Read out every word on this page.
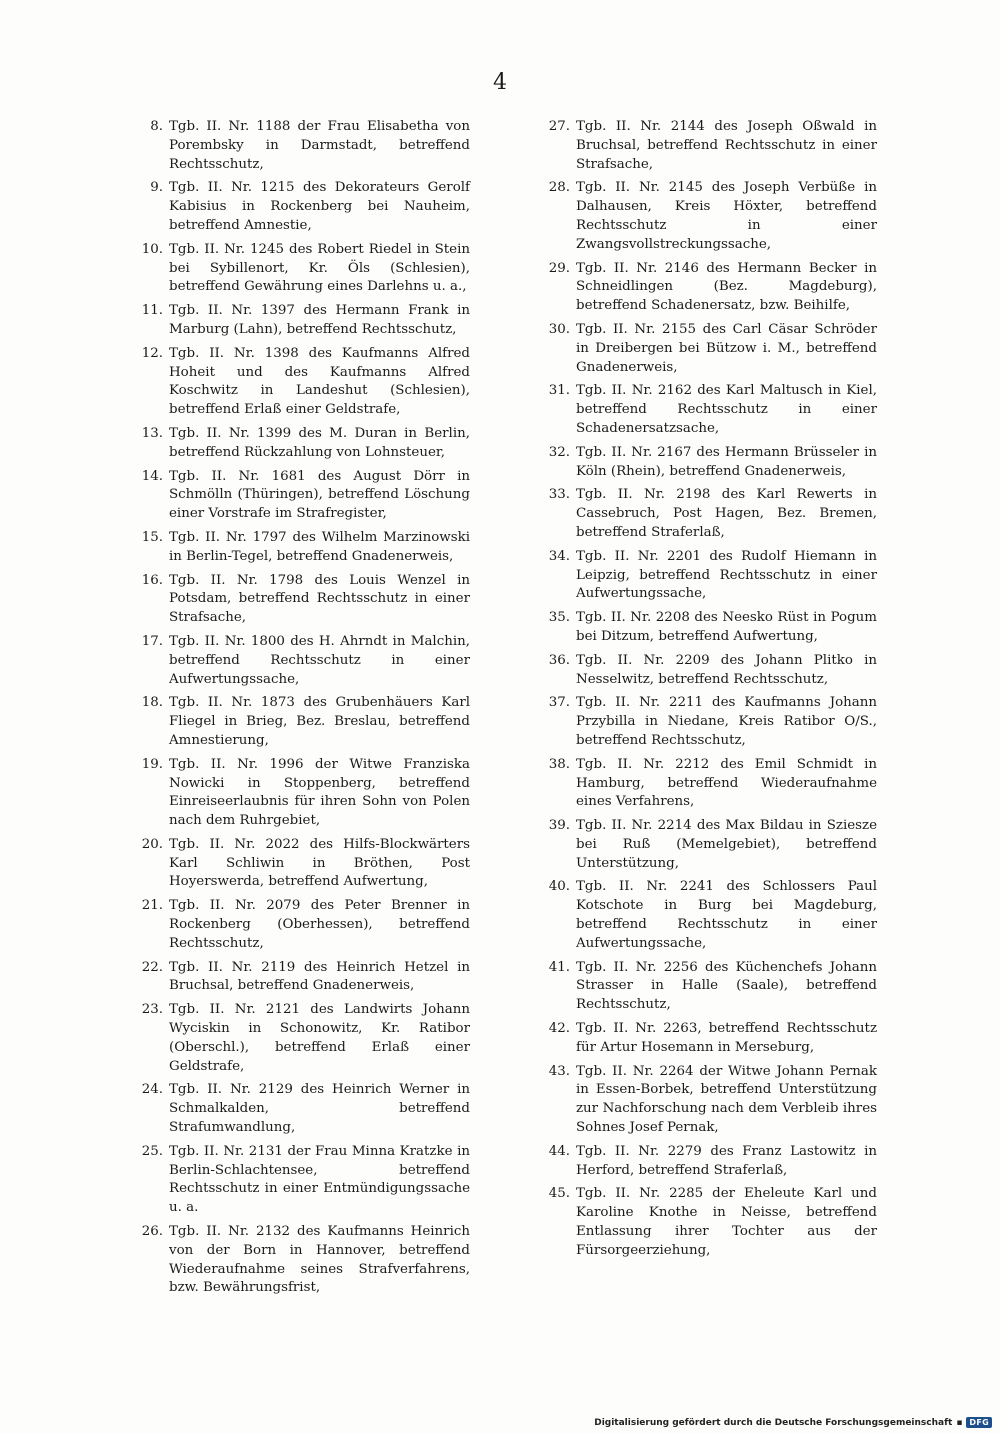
4
8. Tgb. II. Nr. 1188 der Frau Elisabetha von Porembsky in Darmstadt, betreffend Rechtsschutz,
9. Tgb. II. Nr. 1215 des Dekorateurs Gerolf Kabisius in Rockenberg bei Nauheim, betreffend Amnestie,
10. Tgb. II. Nr. 1245 des Robert Riedel in Stein bei Sybillenort, Kr. Öls (Schlesien), betreffend Gewährung eines Darlehns u. a.,
11. Tgb. II. Nr. 1397 des Hermann Frank in Marburg (Lahn), betreffend Rechtsschutz,
12. Tgb. II. Nr. 1398 des Kaufmanns Alfred Hoheit und des Kaufmanns Alfred Koschwitz in Landeshut (Schlesien), betreffend Erlaß einer Geldstrafe,
13. Tgb. II. Nr. 1399 des M. Duran in Berlin, betreffend Rückzahlung von Lohnsteuer,
14. Tgb. II. Nr. 1681 des August Dörr in Schmölln (Thüringen), betreffend Löschung einer Vorstrafe im Strafregister,
15. Tgb. II. Nr. 1797 des Wilhelm Marzinowski in Berlin-Tegel, betreffend Gnadenerweis,
16. Tgb. II. Nr. 1798 des Louis Wenzel in Potsdam, betreffend Rechtsschutz in einer Strafsache,
17. Tgb. II. Nr. 1800 des H. Ahrndt in Malchin, betreffend Rechtsschutz in einer Aufwertungssache,
18. Tgb. II. Nr. 1873 des Grubenhäuers Karl Fliegel in Brieg, Bez. Breslau, betreffend Amnestierung,
19. Tgb. II. Nr. 1996 der Witwe Franziska Nowicki in Stoppenberg, betreffend Einreiseerlaubnis für ihren Sohn von Polen nach dem Ruhrgebiet,
20. Tgb. II. Nr. 2022 des Hilfs-Blockwärters Karl Schliwin in Bröthen, Post Hoyerswerda, betreffend Aufwertung,
21. Tgb. II. Nr. 2079 des Peter Brenner in Rockenberg (Oberhessen), betreffend Rechtsschutz,
22. Tgb. II. Nr. 2119 des Heinrich Hetzel in Bruchsal, betreffend Gnadenerweis,
23. Tgb. II. Nr. 2121 des Landwirts Johann Wyciskin in Schonowitz, Kr. Ratibor (Oberschl.), betreffend Erlaß einer Geldstrafe,
24. Tgb. II. Nr. 2129 des Heinrich Werner in Schmalkalden, betreffend Strafumwandlung,
25. Tgb. II. Nr. 2131 der Frau Minna Kratzke in Berlin-Schlachtensee, betreffend Rechtsschutz in einer Entmündigungssache u. a.
26. Tgb. II. Nr. 2132 des Kaufmanns Heinrich von der Born in Hannover, betreffend Wiederaufnahme seines Strafverfahrens, bzw. Bewährungsfrist,
27. Tgb. II. Nr. 2144 des Joseph Oßwald in Bruchsal, betreffend Rechtsschutz in einer Strafsache,
28. Tgb. II. Nr. 2145 des Joseph Verbüße in Dalhausen, Kreis Höxter, betreffend Rechtsschutz in einer Zwangsvollstreckungssache,
29. Tgb. II. Nr. 2146 des Hermann Becker in Schneidlingen (Bez. Magdeburg), betreffend Schadenersatz, bzw. Beihilfe,
30. Tgb. II. Nr. 2155 des Carl Cäsar Schröder in Dreibergen bei Bützow i. M., betreffend Gnadenerweis,
31. Tgb. II. Nr. 2162 des Karl Maltusch in Kiel, betreffend Rechtsschutz in einer Schadenersatzsache,
32. Tgb. II. Nr. 2167 des Hermann Brüsseler in Köln (Rhein), betreffend Gnadenerweis,
33. Tgb. II. Nr. 2198 des Karl Rewerts in Cassebruch, Post Hagen, Bez. Bremen, betreffend Straferlaß,
34. Tgb. II. Nr. 2201 des Rudolf Hiemann in Leipzig, betreffend Rechtsschutz in einer Aufwertungssache,
35. Tgb. II. Nr. 2208 des Neesko Rüst in Pogum bei Ditzum, betreffend Aufwertung,
36. Tgb. II. Nr. 2209 des Johann Plitko in Nesselwitz, betreffend Rechtsschutz,
37. Tgb. II. Nr. 2211 des Kaufmanns Johann Przybilla in Niedane, Kreis Ratibor O/S., betreffend Rechtsschutz,
38. Tgb. II. Nr. 2212 des Emil Schmidt in Hamburg, betreffend Wiederaufnahme eines Verfahrens,
39. Tgb. II. Nr. 2214 des Max Bildau in Sziesze bei Ruß (Memelgebiet), betreffend Unterstützung,
40. Tgb. II. Nr. 2241 des Schlossers Paul Kotschote in Burg bei Magdeburg, betreffend Rechtsschutz in einer Aufwertungssache,
41. Tgb. II. Nr. 2256 des Küchenchefs Johann Strasser in Halle (Saale), betreffend Rechtsschutz,
42. Tgb. II. Nr. 2263, betreffend Rechtsschutz für Artur Hosemann in Merseburg,
43. Tgb. II. Nr. 2264 der Witwe Johann Pernak in Essen-Borbek, betreffend Unterstützung zur Nachforschung nach dem Verbleib ihres Sohnes Josef Pernak,
44. Tgb. II. Nr. 2279 des Franz Lastowitz in Herford, betreffend Straferlaß,
45. Tgb. II. Nr. 2285 der Eheleute Karl und Karoline Knothe in Neisse, betreffend Entlassung ihrer Tochter aus der Fürsorgeerziehung,
Digitalisierung gefördert durch die Deutsche Forschungsgemeinschaft ▪ DFG
